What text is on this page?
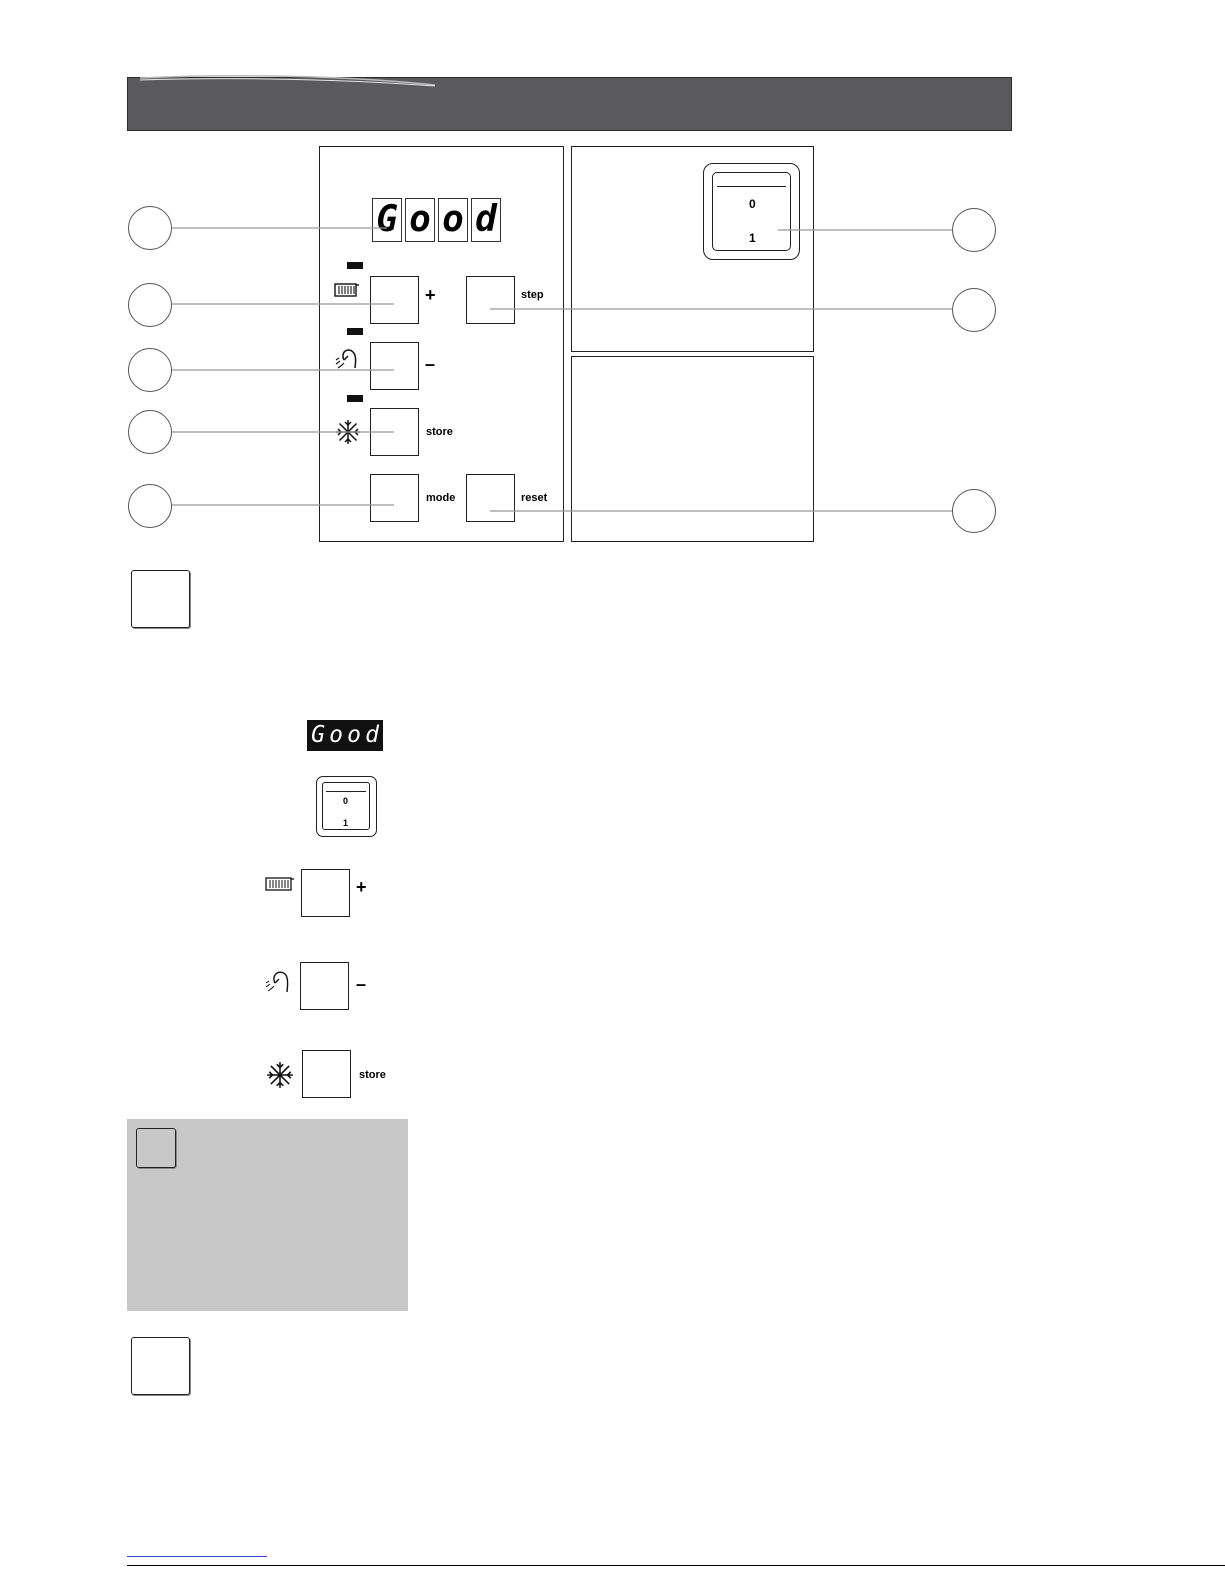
G o o d
+	step
–
store
mode	reset
0
1
G o o d
0
1
+
–
store
